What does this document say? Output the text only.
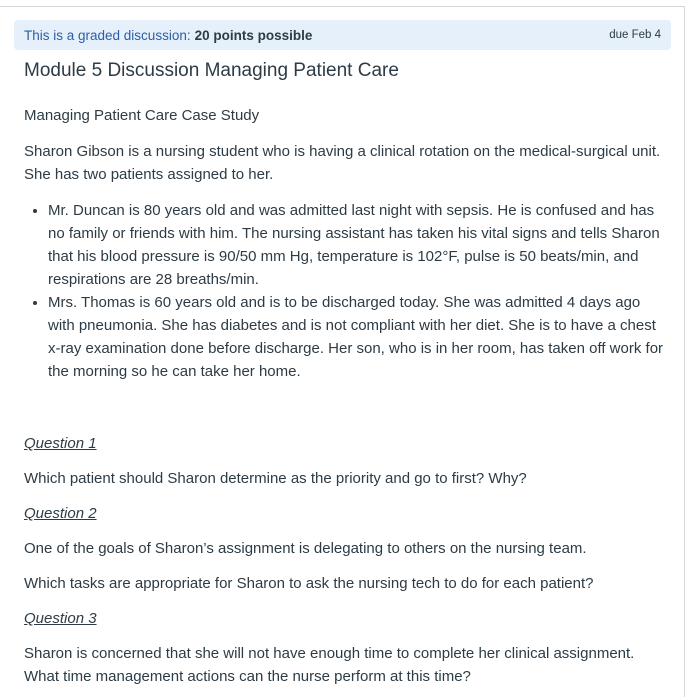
This is a graded discussion: 20 points possible	due Feb 4
Module 5 Discussion Managing Patient Care

Managing Patient Care Case Study

Sharon Gibson is a nursing student who is having a clinical rotation on the medical-surgical unit. She has two patients assigned to her.

• Mr. Duncan is 80 years old and was admitted last night with sepsis. He is confused and has no family or friends with him. The nursing assistant has taken his vital signs and tells Sharon that his blood pressure is 90/50 mm Hg, temperature is 102°F, pulse is 50 beats/min, and respirations are 28 breaths/min.
• Mrs. Thomas is 60 years old and is to be discharged today. She was admitted 4 days ago with pneumonia. She has diabetes and is not compliant with her diet. She is to have a chest x-ray examination done before discharge. Her son, who is in her room, has taken off work for the morning so he can take her home.

Question 1

Which patient should Sharon determine as the priority and go to first? Why?

Question 2

One of the goals of Sharon’s assignment is delegating to others on the nursing team.

Which tasks are appropriate for Sharon to ask the nursing tech to do for each patient?

Question 3

Sharon is concerned that she will not have enough time to complete her clinical assignment. What time management actions can the nurse perform at this time?
